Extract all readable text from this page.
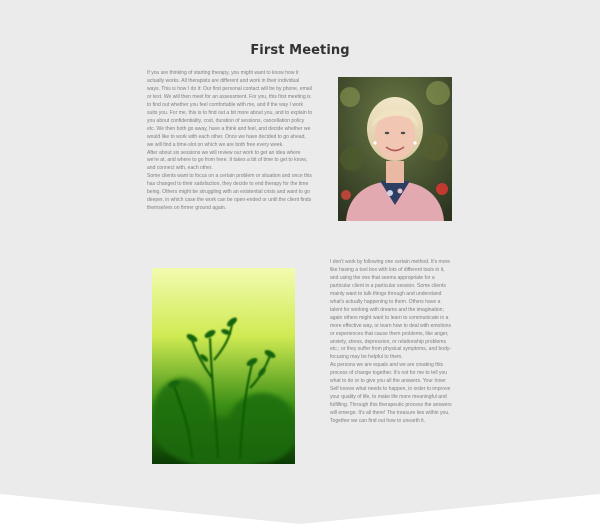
First Meeting

If you are thinking of starting therapy, you might want to know how it actually works. All therapists are different and work in their individual ways. This is how I do it: Our first personal contact will be by phone, email or text. We will then meet for an assessment. For you, this first meeting is to find out whether you feel comfortable with me, and if the way I work suits you. For me, this is to find out a bit more about you, and to explain to you about confidentiality, cost, duration of sessions, cancellation policy etc. We then both go away, have a think and feel, and decide whether we would like to work with each other. Once we have decided to go ahead, we will find a time-slot on which we are both free every week.

After about six sessions we will review our work to get an idea where we're at, and where to go from here. It takes a bit of time to get to know, and connect with, each other.

Some clients want to focus on a certain problem or situation and once this has changed to their satisfaction, they decide to end therapy for the time being. Others might be struggling with an existential crisis and want to go deeper, in which case the work can be open-ended or until the client finds themselves on firmer ground again.

I don't work by following one certain method. It's more like having a tool box with lots of different tools in it, and using the one that seems appropriate for a particular client in a particular session. Some clients mainly want to talk things through and understand what's actually happening to them. Others have a talent for working with dreams and the imagination; again others might want to learn to communicate in a more effective way, or learn how to deal with emotions or experiences that cause them problems, like anger, anxiety, stress, depression, or relationship problems etc.; or they suffer from physical symptoms, and body-focusing may be helpful to them.

As persons we are equals and we are creating this process of change together. It's not for me to tell you what to do or to give you all the answers. Your Inner Self knows what needs to happen, in order to improve your quality of life, to make life more meaningful and fulfilling. Through this therapeutic process the answers will emerge. It's all there! The treasure lies within you. Together we can find out how to unearth it.
